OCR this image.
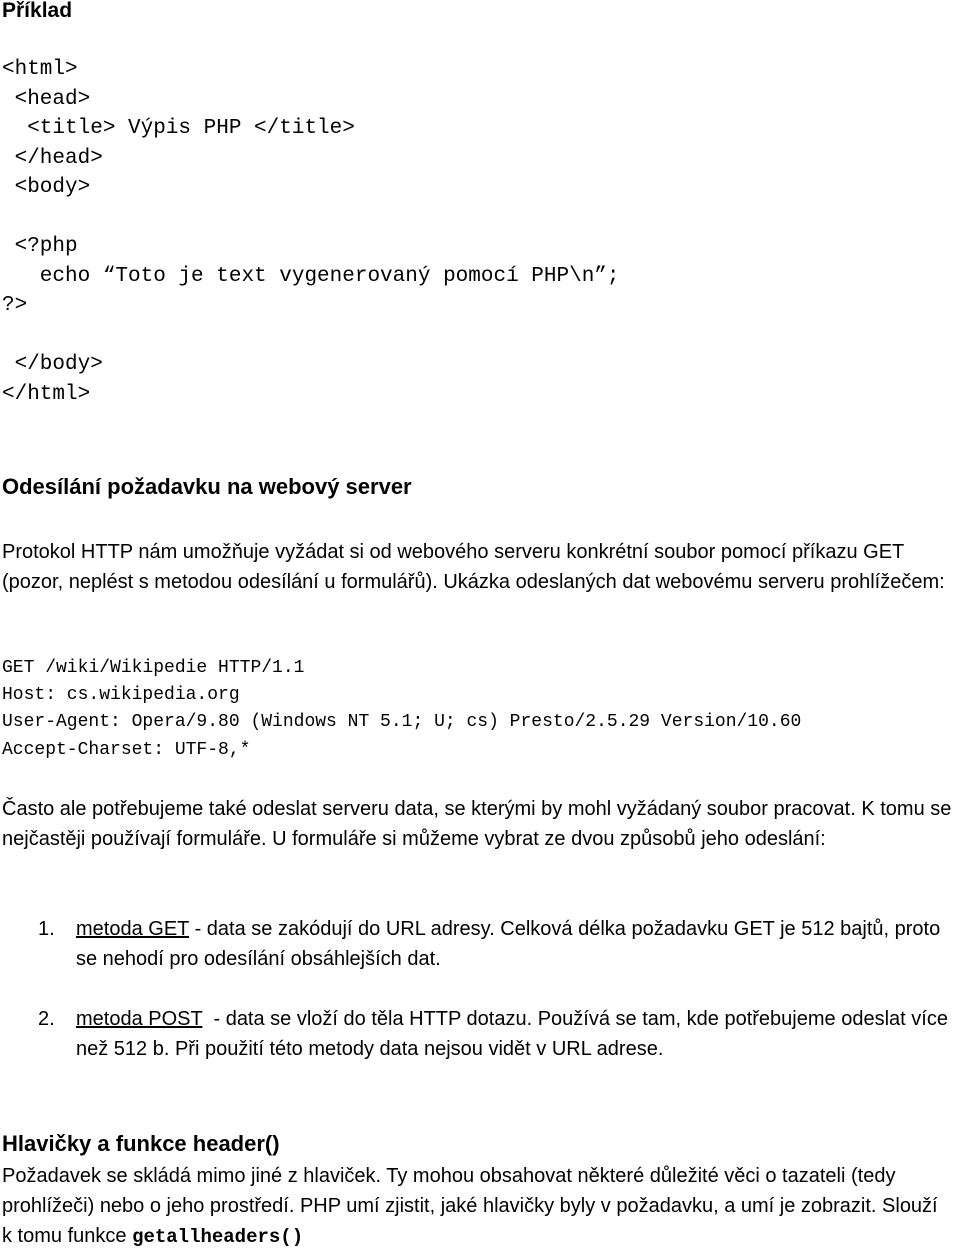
Příklad
<html>
<head>
<title> Výpis PHP </title>
</head>
<body>

<?php
echo “Toto je text vygenerovaný pomocí PHP\n”;
?>

</body>
</html>
Odesílání požadavku na webový server

Protokol HTTP nám umožňuje vyžádat si od webového serveru konkrétní soubor pomocí příkazu GET (pozor, neplést s metodou odesílání u formulářů). Ukázka odeslaných dat webovému serveru prohlížečem:

GET /wiki/Wikipedie HTTP/1.1
Host: cs.wikipedia.org
User-Agent: Opera/9.80 (Windows NT 5.1; U; cs) Presto/2.5.29 Version/10.60
Accept-Charset: UTF-8,*

Často ale potřebujeme také odeslat serveru data, se kterými by mohl vyžádaný soubor pracovat. K tomu se nejčastěji používají formuláře. U formuláře si můžeme vybrat ze dvou způsobů jeho odeslání:

1. metoda GET - data se zakódují do URL adresy. Celková délka požadavku GET je 512 bajtů, proto se nehodí pro odesílání obsáhlejších dat.
2. metoda POST  - data se vloží do těla HTTP dotazu. Používá se tam, kde potřebujeme odeslat více než 512 b. Při použití této metody data nejsou vidět v URL adrese.
Hlavičky a funkce header()

Požadavek se skládá mimo jiné z hlaviček. Ty mohou obsahovat některé důležité věci o tazateli (tedy prohlížeči) nebo o jeho prostředí. PHP umí zjistit, jaké hlavičky byly v požadavku, a umí je zobrazit. Slouží k tomu funkce getallheaders()
